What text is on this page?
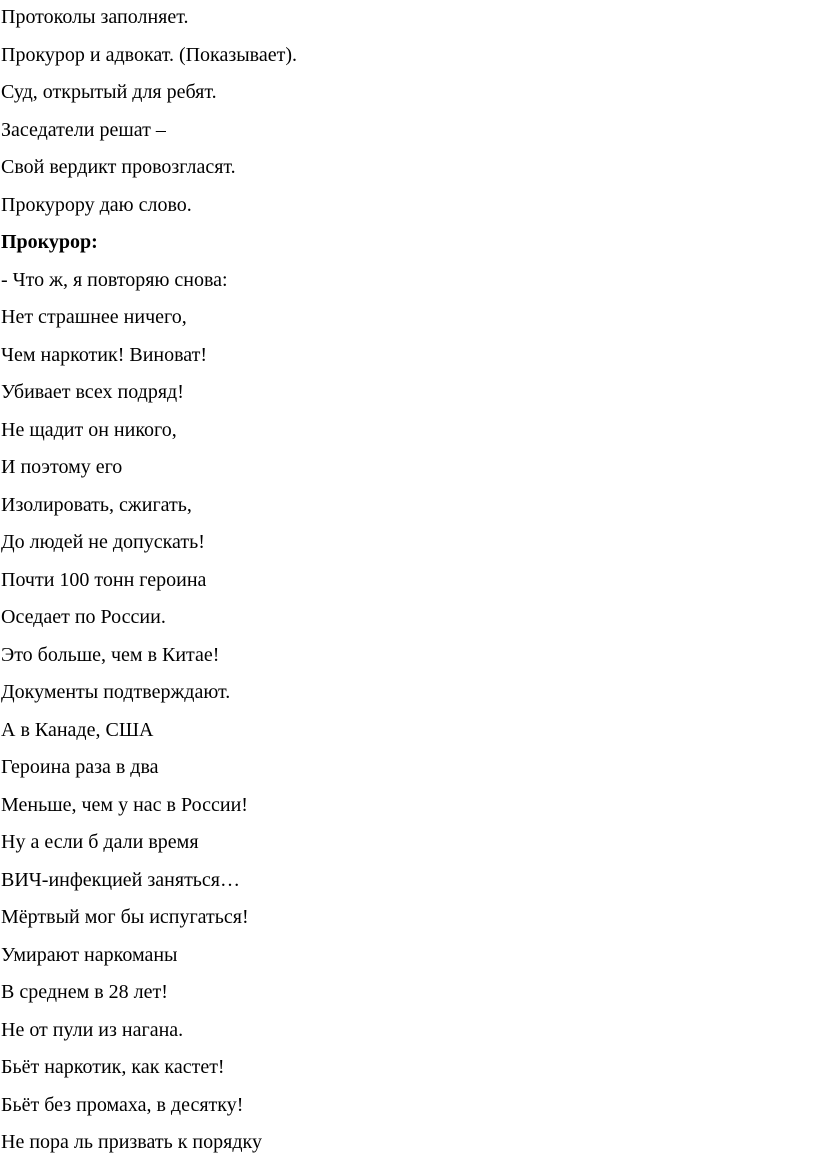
Протоколы заполняет.
Прокурор и адвокат. (Показывает).
Суд, открытый для ребят.
Заседатели решат –
Свой вердикт провозгласят.
Прокурору даю слово.
Прокурор:
- Что ж, я повторяю снова:
Нет страшнее ничего,
Чем наркотик! Виноват!
Убивает всех подряд!
Не щадит он никого,
И поэтому его
Изолировать, сжигать,
До людей не допускать!
Почти 100 тонн героина
Оседает по России.
Это больше, чем в Китае!
Документы подтверждают.
А в Канаде, США
Героина раза в два
Меньше, чем у нас в России!
Ну а если б дали время
ВИЧ-инфекцией заняться…
Мёртвый мог бы испугаться!
Умирают наркоманы
В среднем в 28 лет!
Не от пули из нагана.
Бьёт наркотик, как кастет!
Бьёт без промаха, в десятку!
Не пора ль призвать к порядку
